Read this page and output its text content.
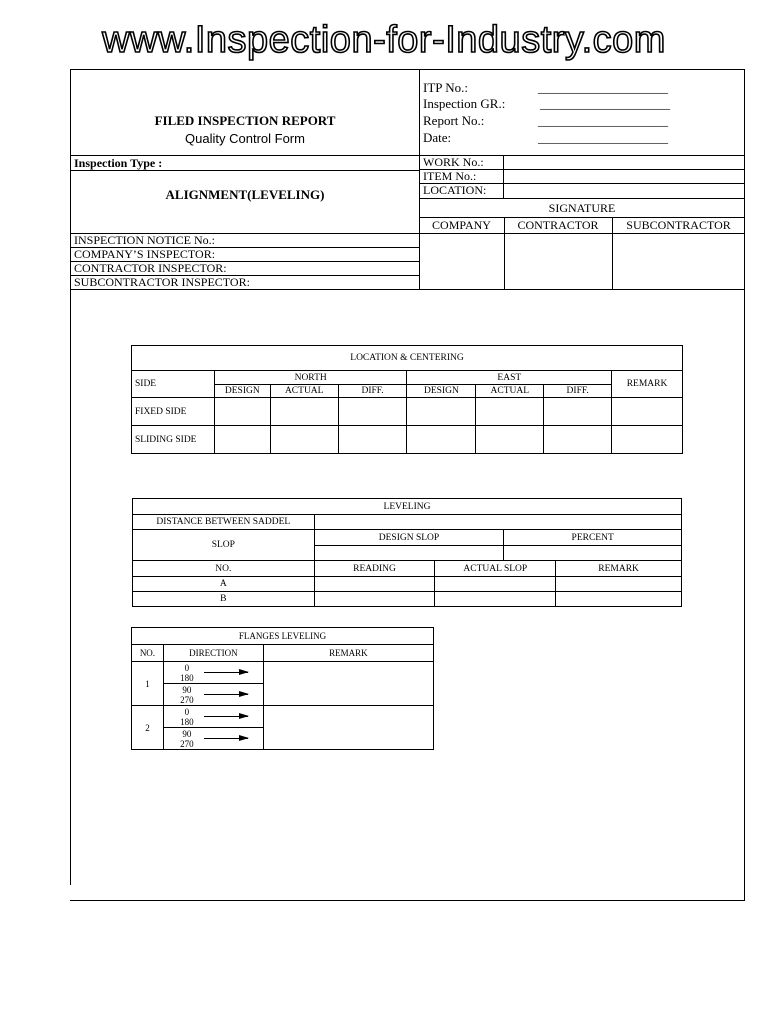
www.Inspection-for-Industry.com
FILED INSPECTION REPORT
Quality Control Form
ITP No.:	____________________
Inspection GR.:	____________________
Report No.:	____________________
Date:	____________________
Inspection Type :
ALIGNMENT(LEVELING)
WORK No.:
ITEM No.:
LOCATION:
SIGNATURE
COMPANY	CONTRACTOR	SUBCONTRACTOR
INSPECTION NOTICE No.:
COMPANY’S INSPECTOR:
CONTRACTOR INSPECTOR:
SUBCONTRACTOR INSPECTOR:
LOCATION & CENTERING							
SIDE	NORTH			EAST			REMARK
	DESIGN	ACTUAL	DIFF.	DESIGN	ACTUAL	DIFF.	
FIXED SIDE							
SLIDING SIDE							
LEVELING				
DISTANCE BETWEEN SADDEL				
SLOP	DESIGN SLOP		PERCENT	

NO.	READING	ACTUAL SLOP		REMARK
A				
B				
FLANGES LEVELING		
NO.	DIRECTION	REMARK
1	0
180	

	90
270	

2	0
180	

	90
270	
